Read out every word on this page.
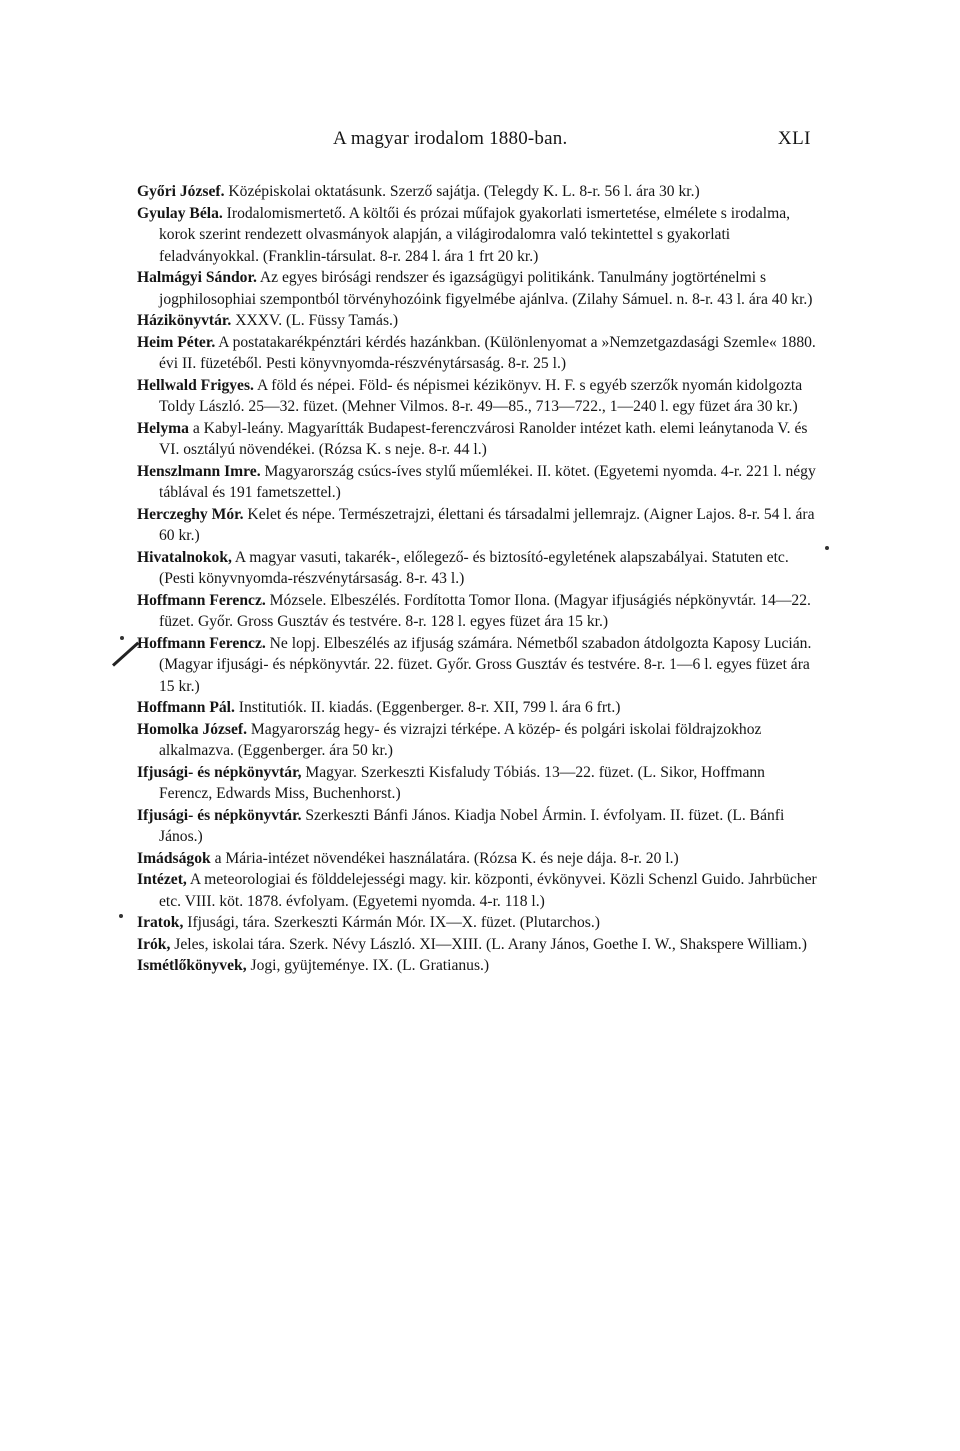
A magyar irodalom 1880-ban.	XLI

Győri József. Középiskolai oktatásunk. Szerző sajátja. (Telegdy K. L. 8-r. 56 l. ára 30 kr.)

Gyulay Béla. Irodalomismertető. A költői és prózai műfajok gyakorlati ismertetése, elmélete s irodalma, korok szerint rendezett olvasmányok alapján, a világirodalomra való tekintettel s gyakorlati feladványokkal. (Franklin-társulat. 8-r. 284 l. ára 1 frt 20 kr.)

Halmágyi Sándor. Az egyes birósági rendszer és igazságügyi politikánk. Tanulmány jogtörténelmi s jogphilosophiai szempontból törvényhozóink figyelmébe ajánlva. (Zilahy Sámuel. n. 8-r. 43 l. ára 40 kr.)

Házikönyvtár. XXXV. (L. Füssy Tamás.)

Heim Péter. A postatakarékpénztári kérdés hazánkban. (Különlenyomat a »Nemzetgazdasági Szemle« 1880. évi II. füzetéből. Pesti könyvnyomda-részvénytársaság. 8-r. 25 l.)

Hellwald Frigyes. A föld és népei. Föld- és népismei kézikönyv. H. F. s egyéb szerzők nyomán kidolgozta Toldy László. 25—32. füzet. (Mehner Vilmos. 8-r. 49—85., 713—722., 1—240 l. egy füzet ára 30 kr.)

Helyma a Kabyl-leány. Magyarítták Budapest-ferenczvárosi Ranolder intézet kath. elemi leánytanoda V. és VI. osztályú növendékei. (Rózsa K. s neje. 8-r. 44 l.)

Henszlmann Imre. Magyarország csúcs-íves stylű műemlékei. II. kötet. (Egyetemi nyomda. 4-r. 221 l. négy táblával és 191 fametszettel.)

Herczeghy Mór. Kelet és népe. Természetrajzi, élettani és társadalmi jellemrajz. (Aigner Lajos. 8-r. 54 l. ára 60 kr.)

Hivatalnokok, A magyar vasuti, takarék-, előlegező- és biztosító-egyletének alapszabályai. Statuten etc. (Pesti könyvnyomda-részvénytársaság. 8-r. 43 l.)

Hoffmann Ferencz. Mózsele. Elbeszélés. Fordította Tomor Ilona. (Magyar ifjuságiés népkönyvtár. 14—22. füzet. Győr. Gross Gusztáv és testvére. 8-r. 128 l. egyes füzet ára 15 kr.)

Hoffmann Ferencz. Ne lopj. Elbeszélés az ifjuság számára. Németből szabadon átdolgozta Kaposy Lucián. (Magyar ifjusági- és népkönyvtár. 22. füzet. Győr. Gross Gusztáv és testvére. 8-r. 1—6 l. egyes füzet ára 15 kr.)

Hoffmann Pál. Institutiók. II. kiadás. (Eggenberger. 8-r. XII, 799 l. ára 6 frt.)

Homolka József. Magyarország hegy- és vizrajzi térképe. A közép- és polgári iskolai földrajzokhoz alkalmazva. (Eggenberger. ára 50 kr.)

Ifjusági- és népkönyvtár, Magyar. Szerkeszti Kisfaludy Tóbiás. 13—22. füzet. (L. Sikor, Hoffmann Ferencz, Edwards Miss, Buchenhorst.)

Ifjusági- és népkönyvtár. Szerkeszti Bánfi János. Kiadja Nobel Ármin. I. évfolyam. II. füzet. (L. Bánfi János.)

Imádságok a Mária-intézet növendékei használatára. (Rózsa K. és neje dája. 8-r. 20 l.)

Intézet, A meteorologiai és földdelejességi magy. kir. központi, évkönyvei. Közli Schenzl Guido. Jahrbücher etc. VIII. köt. 1878. évfolyam. (Egyetemi nyomda. 4-r. 118 l.)

Iratok, Ifjusági, tára. Szerkeszti Kármán Mór. IX—X. füzet. (Plutarchos.)

Irók, Jeles, iskolai tára. Szerk. Névy László. XI—XIII. (L. Arany János, Goethe I. W., Shakspere William.)

Ismétlőkönyvek, Jogi, gyüjteménye. IX. (L. Gratianus.)
